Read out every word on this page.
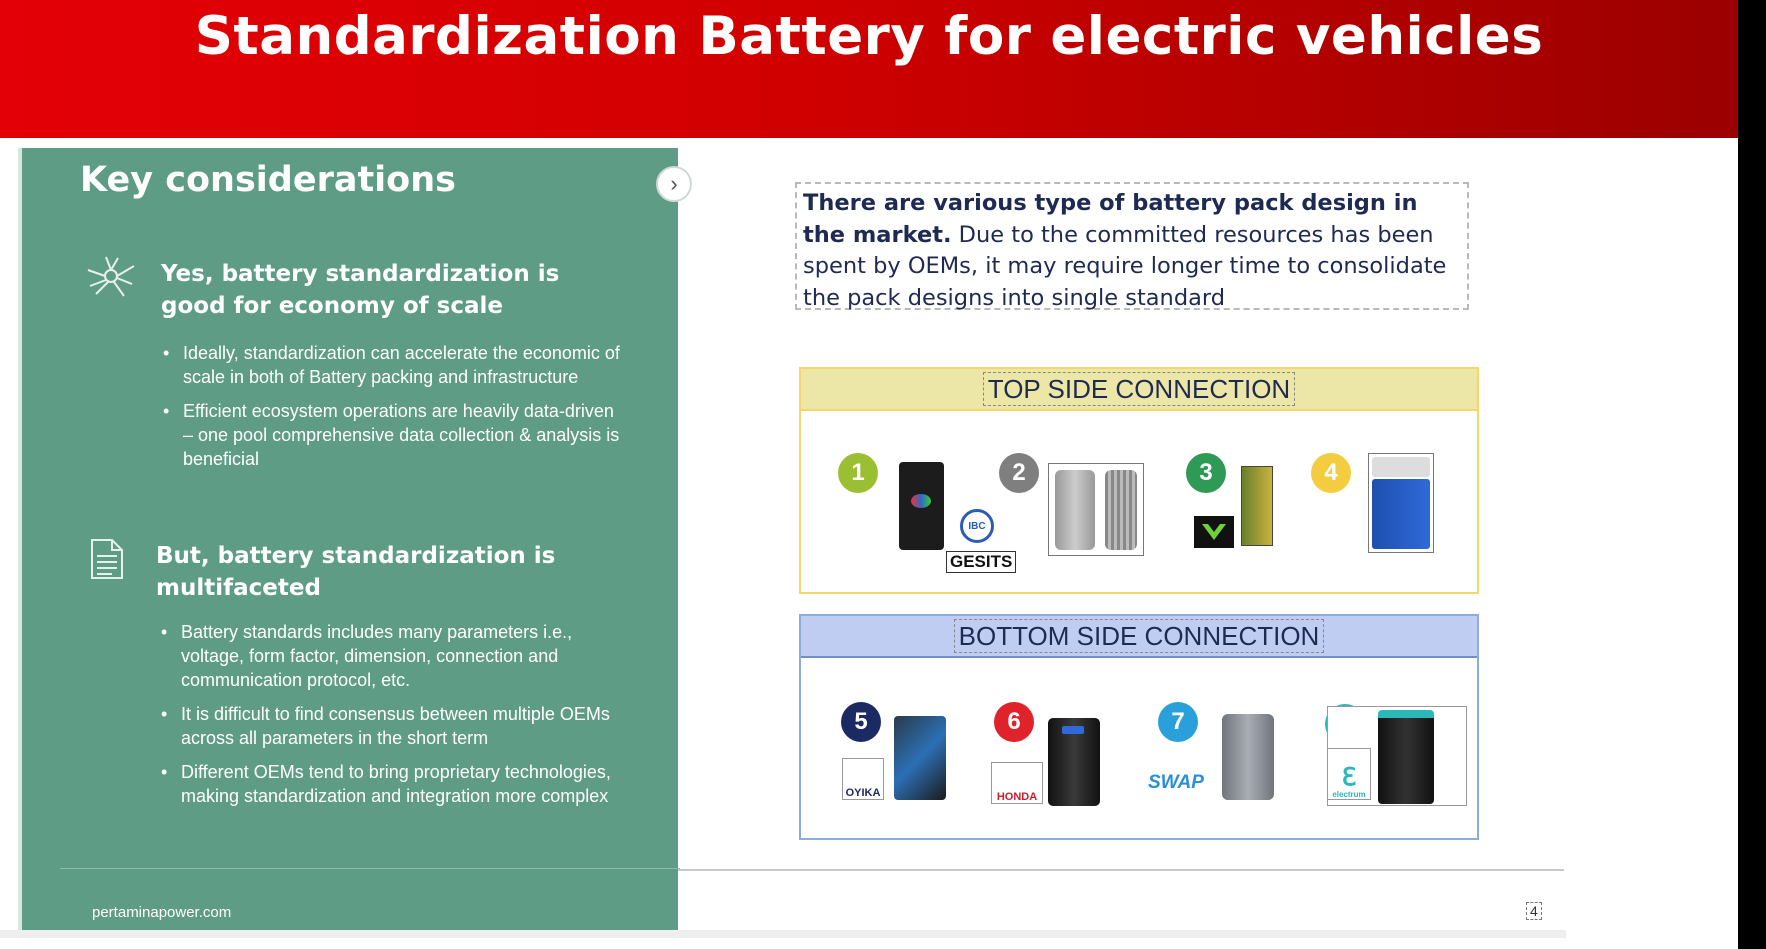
Standardization Battery for electric vehicles
Key considerations	›
Yes, battery standardization is good for economy of scale
• Ideally, standardization can accelerate the economic of scale in both of Battery packing and infrastructure
• Efficient ecosystem operations are heavily data-driven – one pool comprehensive data collection & analysis is beneficial
But, battery standardization is multifaceted
• Battery standards includes many parameters i.e., voltage, form factor, dimension, connection and communication protocol, etc.
• It is difficult to find consensus between multiple OEMs across all parameters in the short term
• Different OEMs tend to bring proprietary technologies, making standardization and integration more complex
pertaminapower.com
There are various type of battery pack design in the market. Due to the committed resources has been spent by OEMs, it may require longer time to consolidate the pack designs into single standard
TOP SIDE CONNECTION
1
IBC
GESITS
2	3	4
BOTTOM SIDE CONNECTION
5
OYIKA
6
HONDA
7
SWAP	ℇ
electrum
4
